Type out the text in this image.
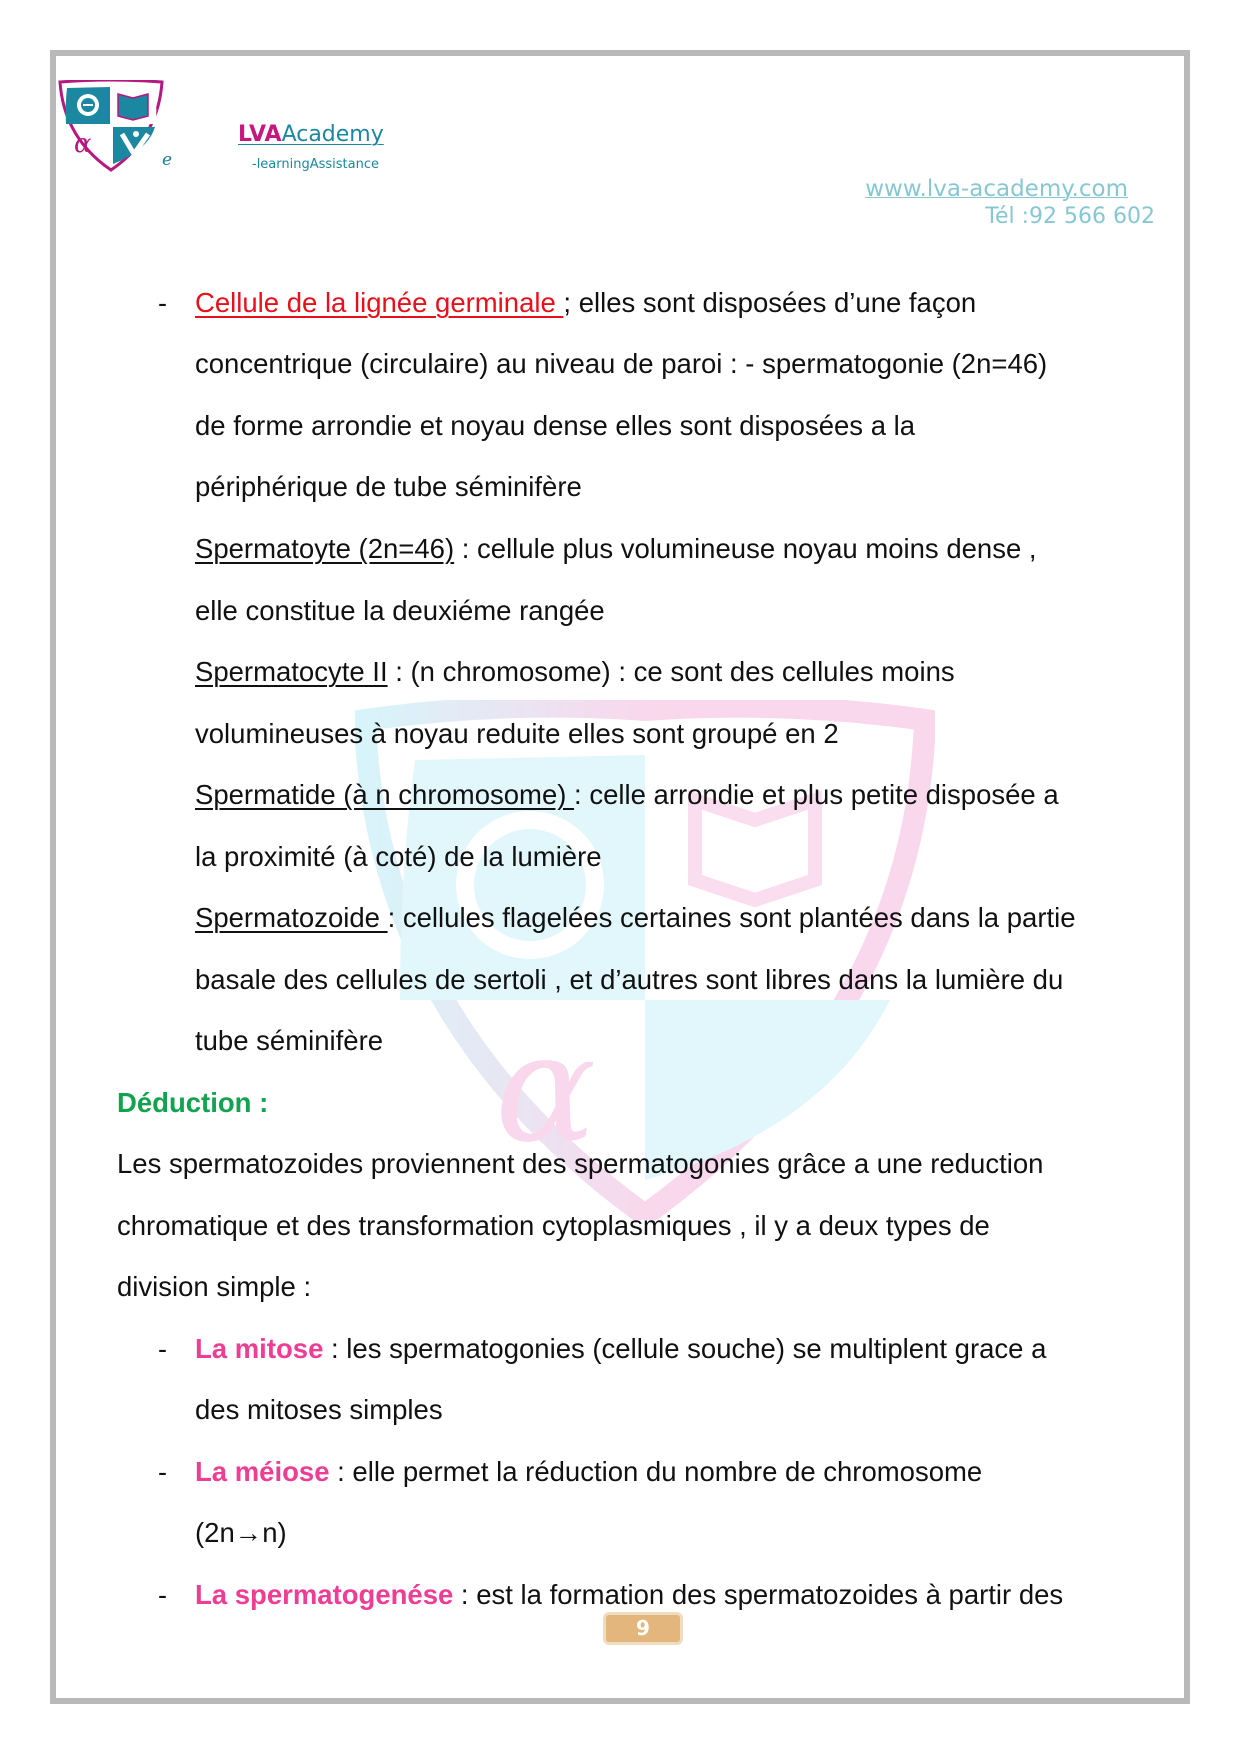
α
α
e
LVAAcademy
-learningAssistance
www.lva-academy.com
Tél :92 566 602
- Cellule de la lignée germinale ; elles sont disposées d’une façon
concentrique (circulaire) au niveau de paroi : - spermatogonie (2n=46)
de forme arrondie et noyau dense elles sont disposées a la
périphérique de tube séminifère
Spermatoyte (2n=46) : cellule plus volumineuse noyau moins dense ,
elle constitue la deuxiéme rangée
Spermatocyte II : (n chromosome) : ce sont des cellules moins
volumineuses à noyau reduite elles sont groupé en 2
Spermatide (à n chromosome) : celle arrondie et plus petite disposée a
la proximité (à coté) de la lumière
Spermatozoide : cellules flagelées certaines sont plantées dans la partie
basale des cellules de sertoli , et d’autres sont libres dans la lumière du
tube séminifère
Déduction :
Les spermatozoides proviennent des spermatogonies grâce a une reduction
chromatique et des transformation cytoplasmiques , il y a deux types de
division simple :
- La mitose : les spermatogonies (cellule souche) se multiplent grace a
des mitoses simples
- La méiose : elle permet la réduction du nombre de chromosome
(2n→n)
- La spermatogenése : est la formation des spermatozoides à partir des
9
